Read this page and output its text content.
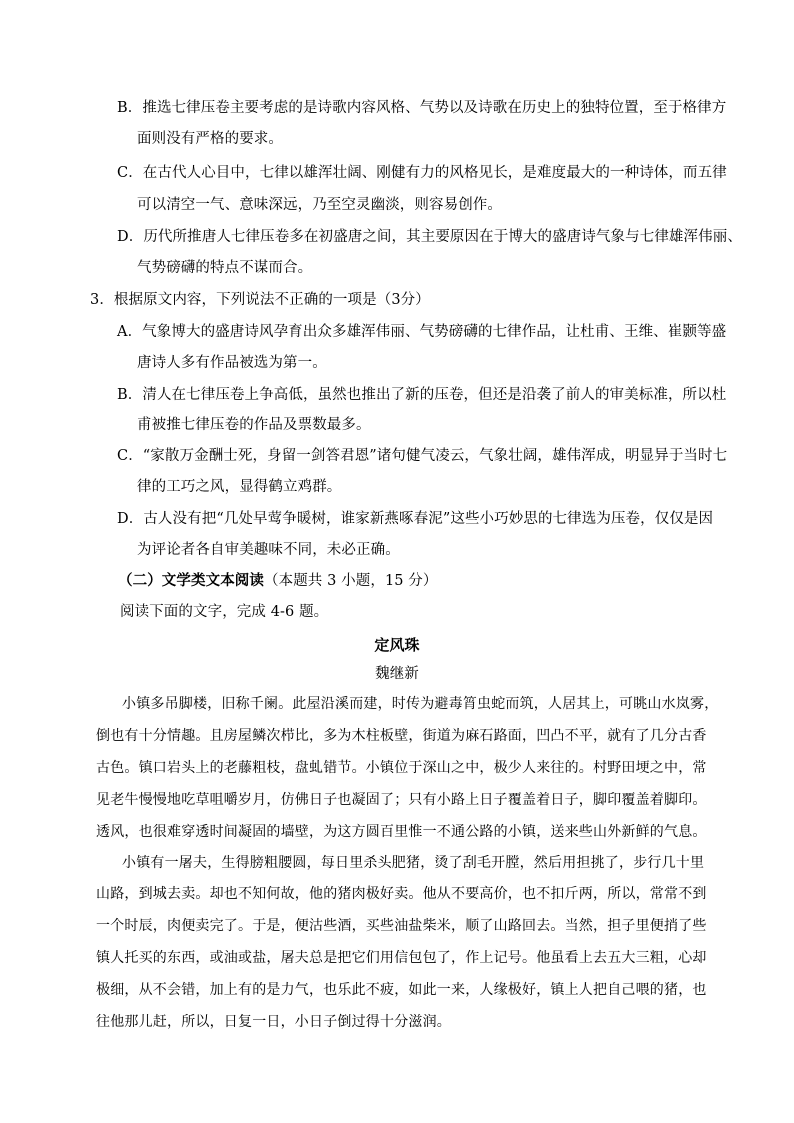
B．推选七律压卷主要考虑的是诗歌内容风格、气势以及诗歌在历史上的独特位置，至于格律方
面则没有严格的要求。
C．在古代人心目中，七律以雄浑壮阔、刚健有力的风格见长，是难度最大的一种诗体，而五律
可以清空一气、意味深远，乃至空灵幽淡，则容易创作。
D．历代所推唐人七律压卷多在初盛唐之间，其主要原因在于博大的盛唐诗气象与七律雄浑伟丽、
气势磅礴的特点不谋而合。
3．根据原文内容，下列说法不正确的一项是（3分）
A．气象博大的盛唐诗风孕育出众多雄浑伟丽、气势磅礴的七律作品，让杜甫、王维、崔颢等盛
唐诗人多有作品被选为第一。
B．清人在七律压卷上争高低，虽然也推出了新的压卷，但还是沿袭了前人的审美标准，所以杜
甫被推七律压卷的作品及票数最多。
C．“家散万金酬士死，身留一剑答君恩”诸句健气凌云，气象壮阔，雄伟浑成，明显异于当时七
律的工巧之风，显得鹤立鸡群。
D．古人没有把“几处早莺争暖树，谁家新燕啄春泥”这些小巧妙思的七律选为压卷，仅仅是因
为评论者各自审美趣味不同，未必正确。
（二）文学类文本阅读（本题共 3 小题，15 分）
阅读下面的文字，完成 4-6 题。
定风珠
魏继新
小镇多吊脚楼，旧称千阑。此屋沿溪而建，时传为避毒筲虫蛇而筑，人居其上，可眺山水岚雾，
倒也有十分情趣。且房屋鳞次栉比，多为木柱板壁，街道为麻石路面，凹凸不平，就有了几分古香
古色。镇口岩头上的老藤粗枝，盘虬错节。小镇位于深山之中，极少人来往的。村野田埂之中，常
见老牛慢慢地吃草咀嚼岁月，仿佛日子也凝固了；只有小路上日子覆盖着日子，脚印覆盖着脚印。
透风，也很难穿透时间凝固的墙壁，为这方圆百里惟一不通公路的小镇，送来些山外新鲜的气息。
小镇有一屠夫，生得膀粗腰圆，每日里杀头肥猪，烫了刮毛开膛，然后用担挑了，步行几十里
山路，到城去卖。却也不知何故，他的猪肉极好卖。他从不要高价，也不扣斤两，所以，常常不到
一个时辰，肉便卖完了。于是，便沽些酒，买些油盐柴米，顺了山路回去。当然，担子里便捎了些
镇人托买的东西，或油或盐，屠夫总是把它们用信包包了，作上记号。他虽看上去五大三粗，心却
极细，从不会错，加上有的是力气，也乐此不疲，如此一来，人缘极好，镇上人把自己喂的猪，也
往他那儿赶，所以，日复一日，小日子倒过得十分滋润。
